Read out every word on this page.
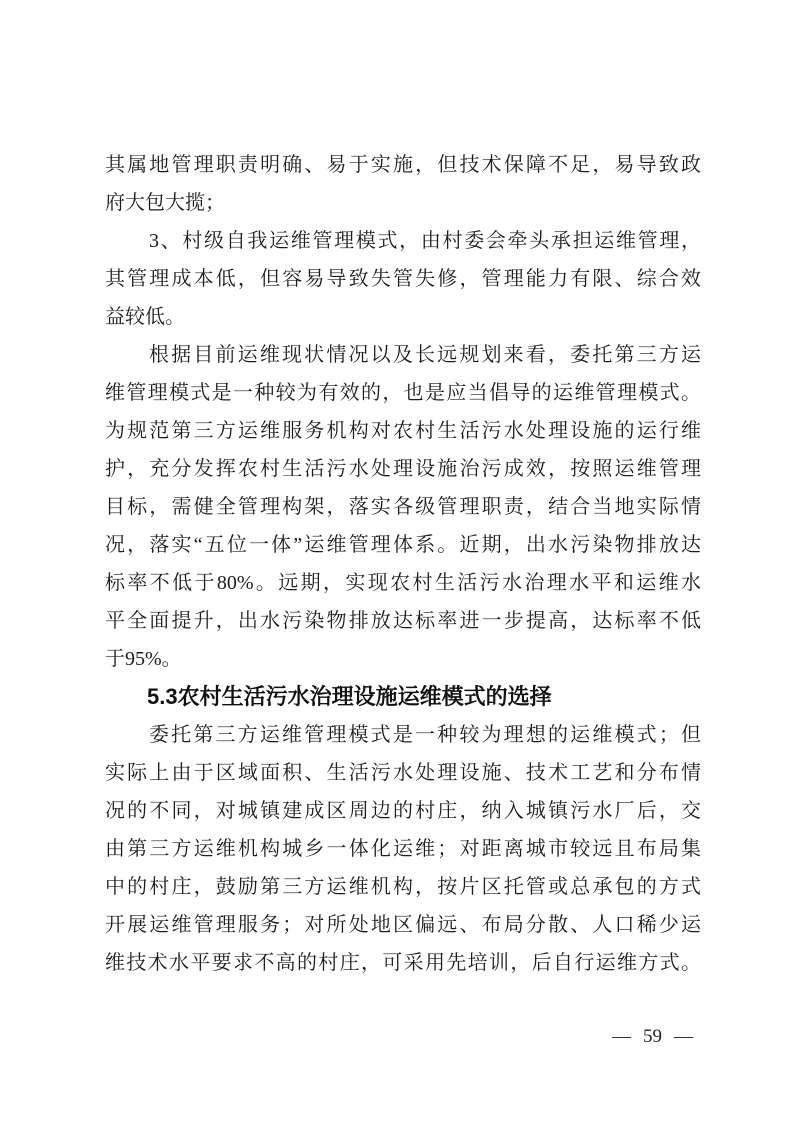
其属地管理职责明确、易于实施，但技术保障不足，易导致政
府大包大揽；
3、村级自我运维管理模式，由村委会牵头承担运维管理，
其管理成本低，但容易导致失管失修，管理能力有限、综合效
益较低。
根据目前运维现状情况以及长远规划来看，委托第三方运
维管理模式是一种较为有效的，也是应当倡导的运维管理模式。
为规范第三方运维服务机构对农村生活污水处理设施的运行维
护，充分发挥农村生活污水处理设施治污成效，按照运维管理
目标，需健全管理构架，落实各级管理职责，结合当地实际情
况，落实“五位一体”运维管理体系。近期，出水污染物排放达
标率不低于80%。远期，实现农村生活污水治理水平和运维水
平全面提升，出水污染物排放达标率进一步提高，达标率不低
于95%。
5.3农村生活污水治理设施运维模式的选择
委托第三方运维管理模式是一种较为理想的运维模式；但
实际上由于区域面积、生活污水处理设施、技术工艺和分布情
况的不同，对城镇建成区周边的村庄，纳入城镇污水厂后，交
由第三方运维机构城乡一体化运维；对距离城市较远且布局集
中的村庄，鼓励第三方运维机构，按片区托管或总承包的方式
开展运维管理服务；对所处地区偏远、布局分散、人口稀少运
维技术水平要求不高的村庄，可采用先培训，后自行运维方式。
— 59 —
